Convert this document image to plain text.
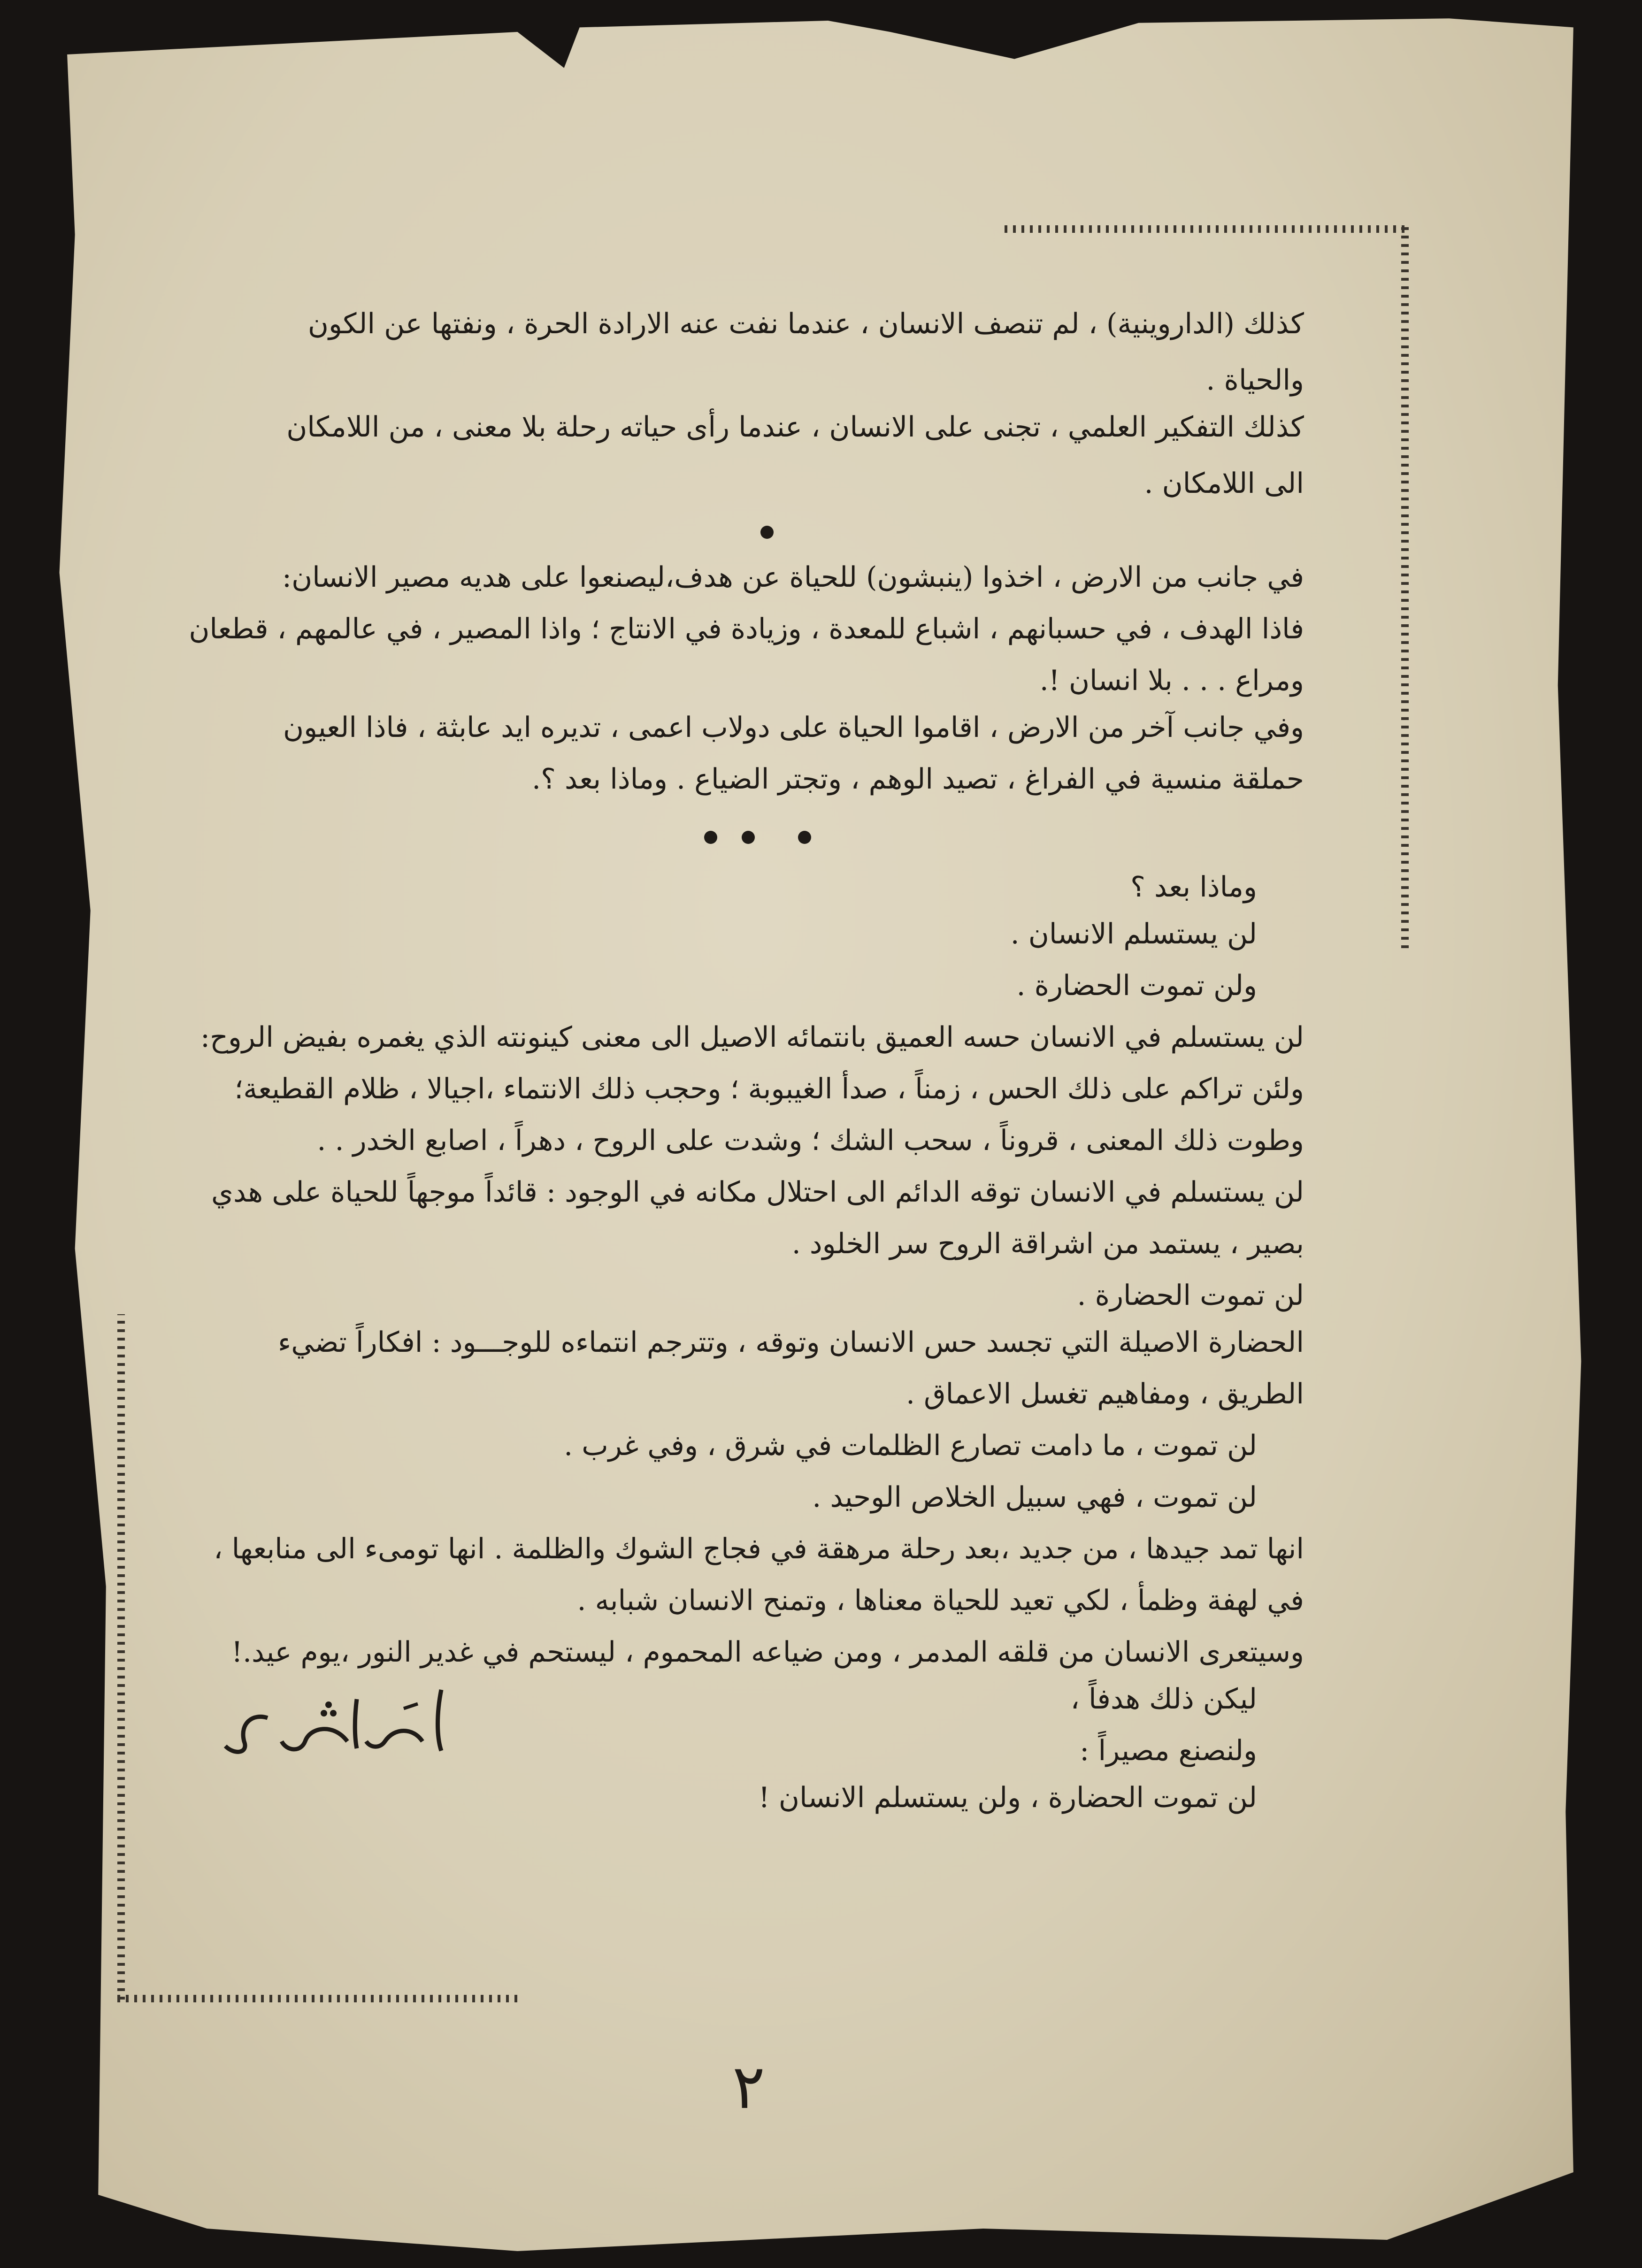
كذلك (الداروينية) ، لم تنصف الانسان ، عندما نفت عنه الارادة الحرة ، ونفتها عن الكون
والحياة .
كذلك التفكير العلمي ، تجنى على الانسان ، عندما رأى حياته رحلة بلا معنى ، من اللامكان
الى اللامكان .
في جانب من الارض ، اخذوا (ينبشون) للحياة عن هدف،ليصنعوا على هديه مصير الانسان:
فاذا الهدف ، في حسبانهم ، اشباع للمعدة ، وزيادة في الانتاج ؛ واذا المصير ، في عالمهم ، قطعان
ومراع . . . بلا انسان !.
وفي جانب آخر من الارض ، اقاموا الحياة على دولاب اعمى ، تديره ايد عابثة ، فاذا العيون
حملقة منسية في الفراغ ، تصيد الوهم ، وتجتر الضياع . وماذا بعد ؟.
وماذا بعد ؟
لن يستسلم الانسان .
ولن تموت الحضارة .
لن يستسلم في الانسان حسه العميق بانتمائه الاصيل الى معنى كينونته الذي يغمره بفيض الروح:
ولئن تراكم على ذلك الحس ، زمناً ، صدأ الغيبوبة ؛ وحجب ذلك الانتماء ،اجيالا ، ظلام القطيعة؛
وطوت ذلك المعنى ، قروناً ، سحب الشك ؛ وشدت على الروح ، دهراً ، اصابع الخدر . .
لن يستسلم في الانسان توقه الدائم الى احتلال مكانه في الوجود : قائداً موجهاً للحياة على هدي
بصير ، يستمد من اشراقة الروح سر الخلود .
لن تموت الحضارة .
الحضارة الاصيلة التي تجسد حس الانسان وتوقه ، وتترجم انتماءه للوجـــود : افكاراً تضيء
الطريق ، ومفاهيم تغسل الاعماق .
لن تموت ، ما دامت تصارع الظلمات في شرق ، وفي غرب .
لن تموت ، فهي سبيل الخلاص الوحيد .
انها تمد جيدها ، من جديد ،بعد رحلة مرهقة في فجاج الشوك والظلمة . انها تومىء الى منابعها ،
في لهفة وظمأ ، لكي تعيد للحياة معناها ، وتمنح الانسان شبابه .
وسيتعرى الانسان من قلقه المدمر ، ومن ضياعه المحموم ، ليستحم في غدير النور ،يوم عيد.!
ليكن ذلك هدفاً ،
ولنصنع مصيراً :
لن تموت الحضارة ، ولن يستسلم الانسان !
٢
